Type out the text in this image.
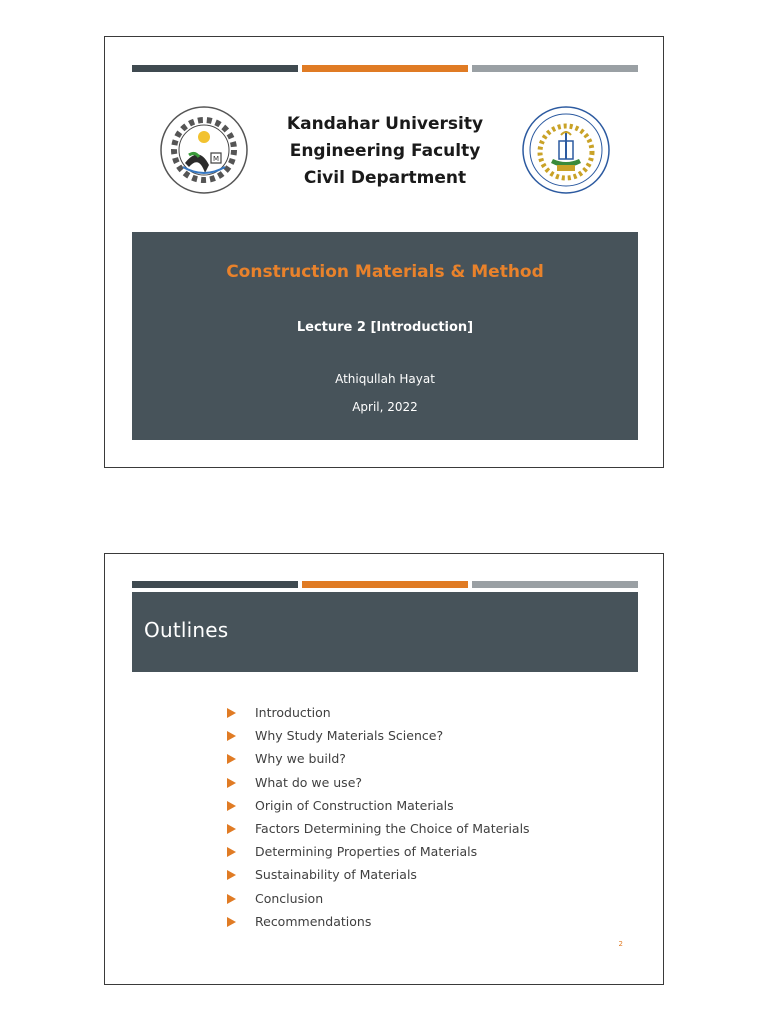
M
Kandahar University
Engineering Faculty
Civil Department
Construction Materials & Method
Lecture 2 [Introduction]
Athiqullah Hayat
April, 2022
Outlines
Introduction
Why Study Materials Science?
Why we build?
What do we use?
Origin of Construction Materials
Factors Determining the Choice of Materials
Determining Properties of Materials
Sustainability of Materials
Conclusion
Recommendations
2
